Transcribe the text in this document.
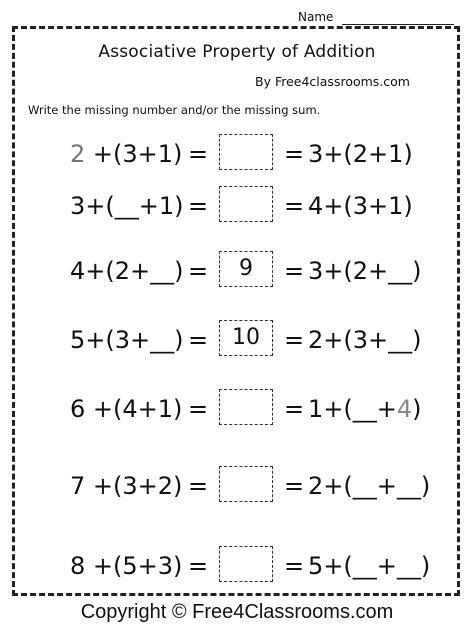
Name
Associative Property of Addition
By Free4classrooms.com
Write the missing number and/or the missing sum.
2 +(3+1) =	= 3+(2+1)
3+(__+1) =	= 4+(3+1)
4+(2+__) =	9	= 3+(2+__)
5+(3+__) =	10	= 2+(3+__)
6 +(4+1) =	= 1+(__+4)
7 +(3+2) =	= 2+(__+__)
8 +(5+3) =	= 5+(__+__)
Copyright © Free4Classrooms.com
